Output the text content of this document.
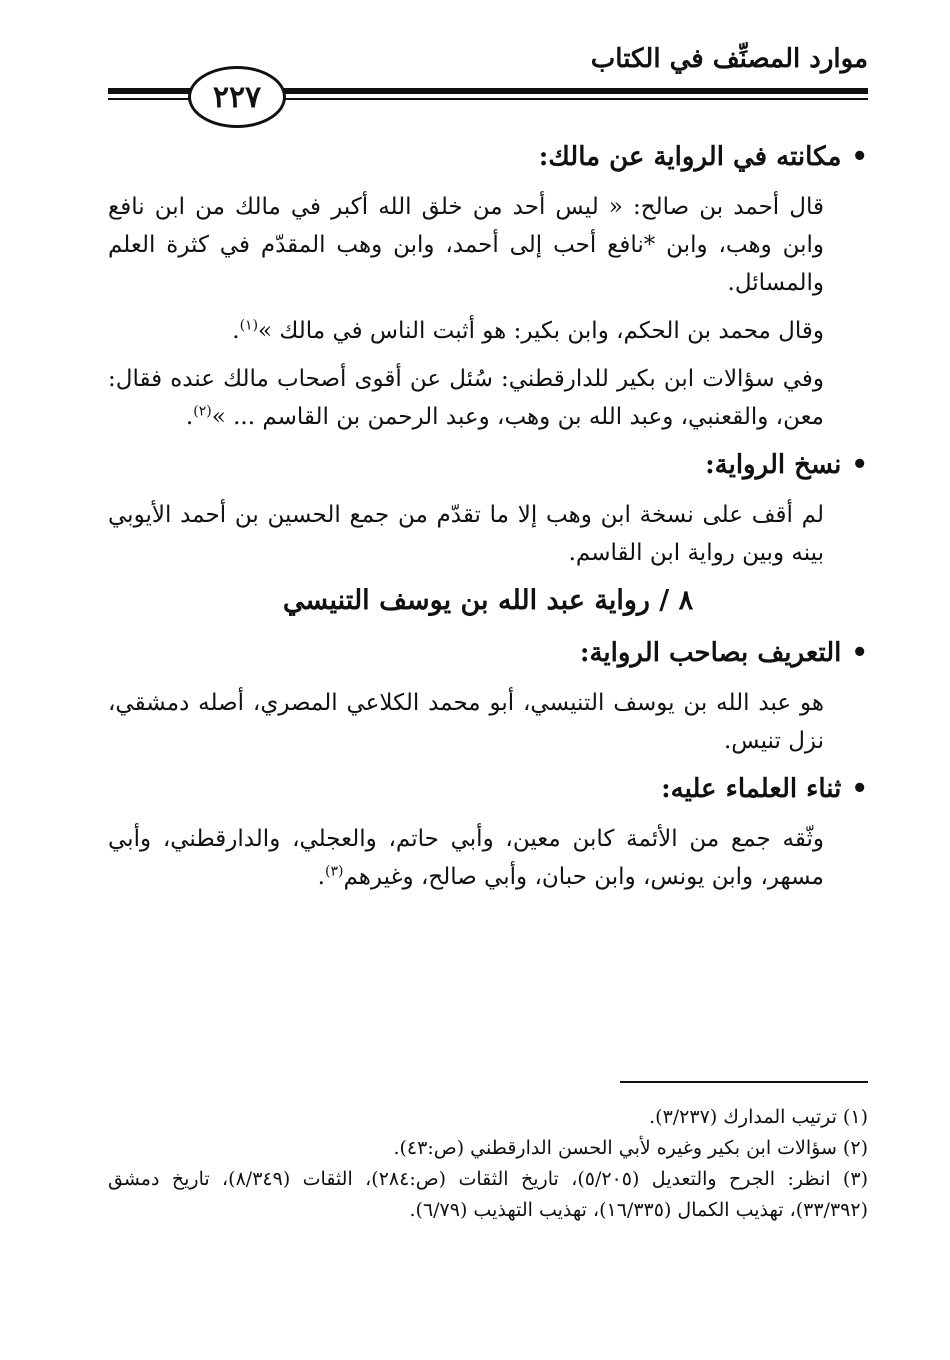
موارد المصنِّف في الكتاب
٢٢٧
•مكانته في الرواية عن مالك:

قال أحمد بن صالح: « ليس أحد من خلق الله أكبر في مالك من ابن نافع وابن وهب، وابن *نافع أحب إلى أحمد، وابن وهب المقدّم في كثرة العلم والمسائل.

وقال محمد بن الحكم، وابن بكير: هو أثبت الناس في مالك »$^{(١)}$.

وفي سؤالات ابن بكير للدارقطني: سُئل عن أقوى أصحاب مالك عنده فقال: معن، والقعنبي، وعبد الله بن وهب، وعبد الرحمن بن القاسم ... »$^{(٢)}$.

•نسخ الرواية:

لم أقف على نسخة ابن وهب إلا ما تقدّم من جمع الحسين بن أحمد الأيوبي بينه وبين رواية ابن القاسم.

٨ / رواية عبد الله بن يوسف التنيسي
•التعريف بصاحب الرواية:

هو عبد الله بن يوسف التنيسي، أبو محمد الكلاعي المصري، أصله دمشقي، نزل تنيس.

•ثناء العلماء عليه:

وثّقه جمع من الأئمة كابن معين، وأبي حاتم، والعجلي، والدارقطني، وأبي مسهر، وابن يونس، وابن حبان، وأبي صالح، وغيرهم$^{(٣)}$.

(١) ترتيب المدارك (٣/٢٣٧).

(٢) سؤالات ابن بكير وغيره لأبي الحسن الدارقطني (ص:٤٣).

(٣) انظر: الجرح والتعديل (٥/٢٠٥)، تاريخ الثقات (ص:٢٨٤)، الثقات (٨/٣٤٩)، تاريخ دمشق (٣٣/٣٩٢)، تهذيب الكمال (١٦/٣٣٥)، تهذيب التهذيب (٦/٧٩).
